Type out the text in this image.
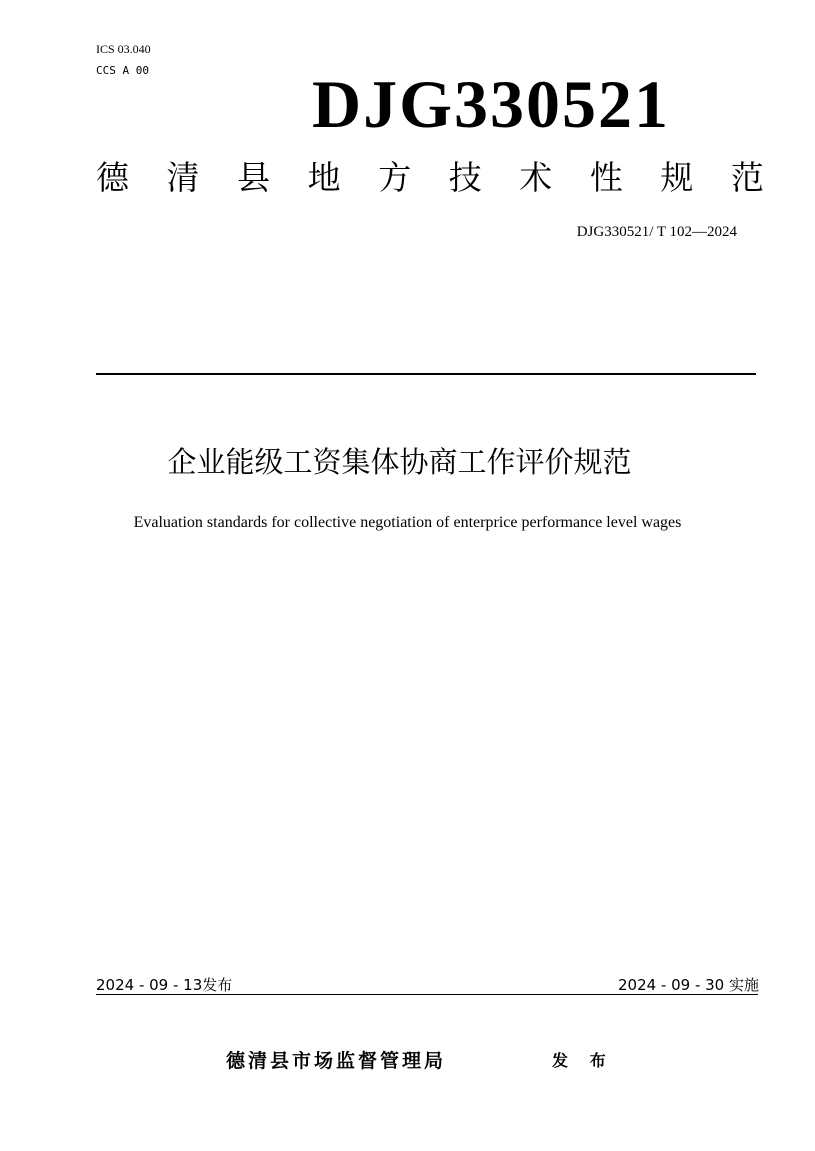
ICS 03.040
CCS A 00 DJG330521
德 清 县 地 方 技 术 性 规 范
DJG330521/ T 102—2024
企业能级工资集体协商工作评价规范
Evaluation standards for collective negotiation of enterprice performance level wages
2024 - 09 - 13发布	2024 - 09 - 30 实施
德清县市场监督管理局	发 布
